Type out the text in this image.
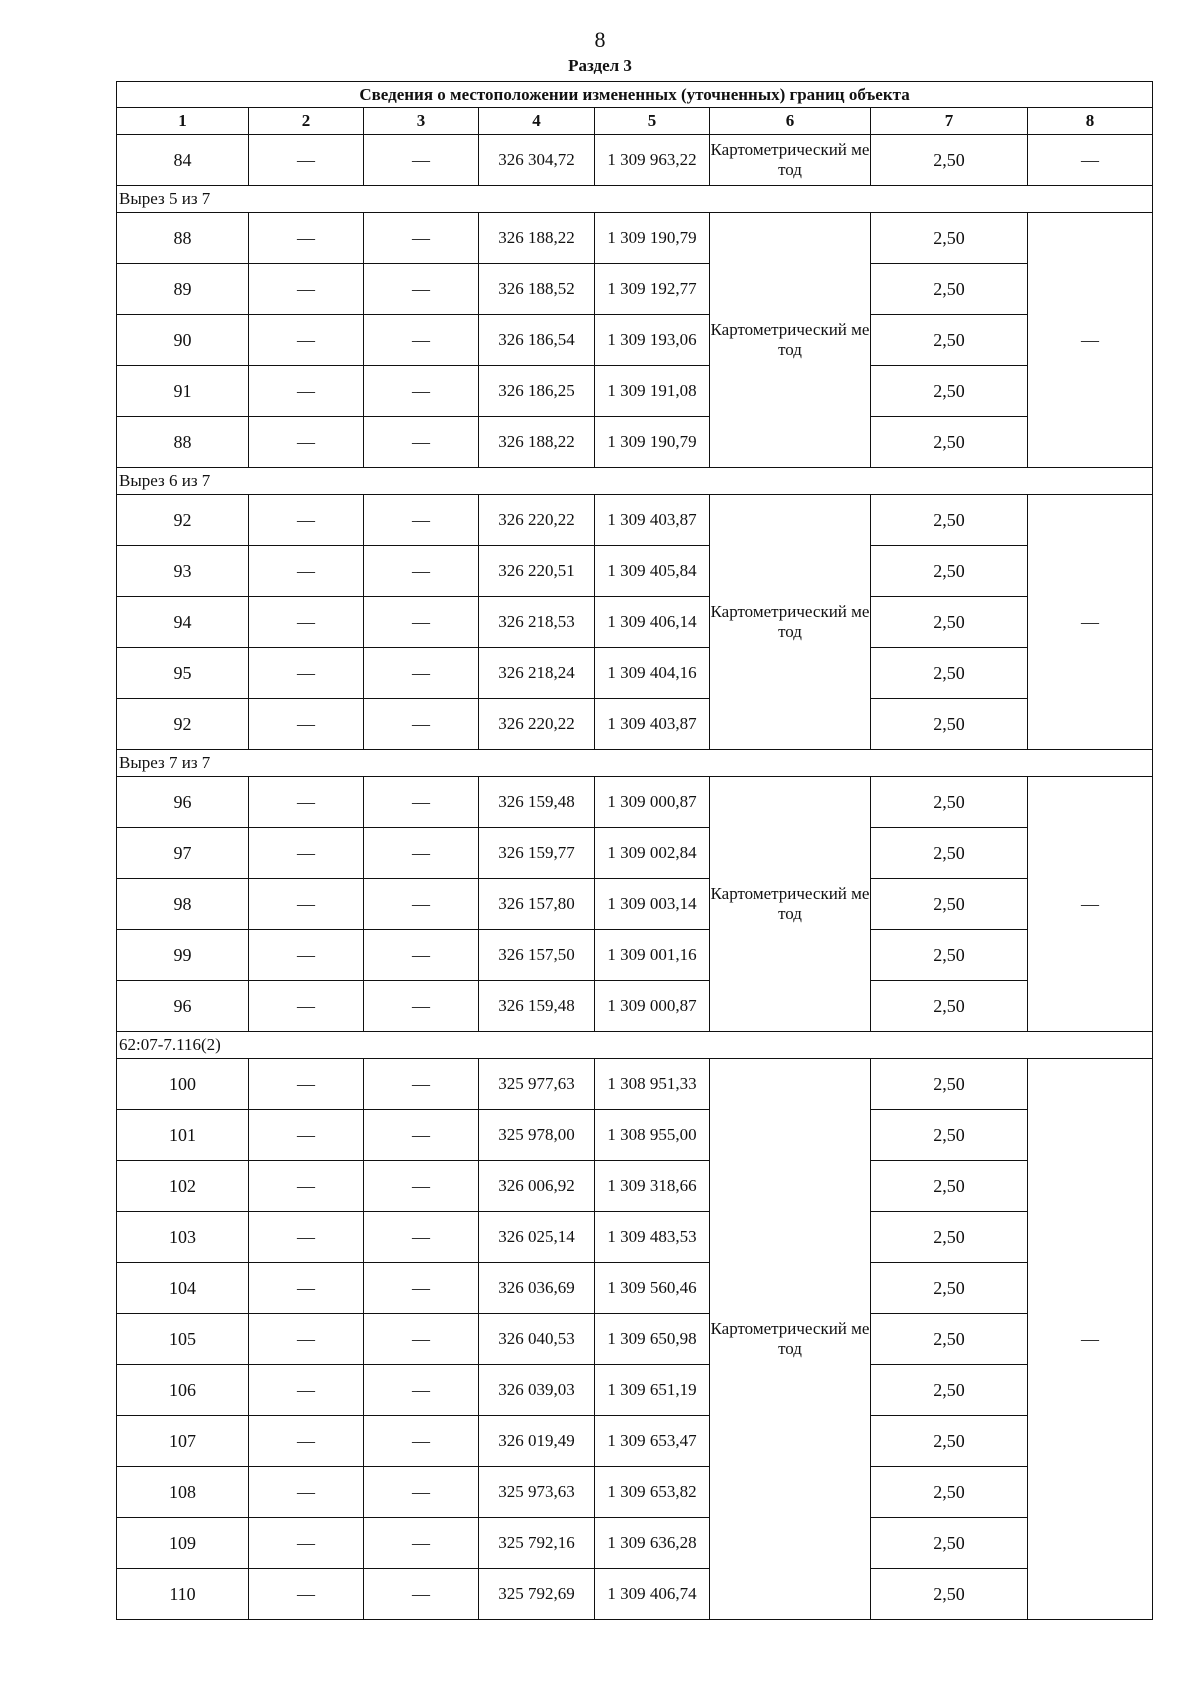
8
Раздел 3
Сведения о местоположении измененных (уточненных) границ объекта							
1	2	3	4	5	6	7	8
84	—	—	326 304,72	1 309 963,22	Картометрический метод	2,50	—
Вырез 5 из 7							
88	—	—	326 188,22	1 309 190,79	Картометрический метод	2,50	—
89	—	—	326 188,52	1 309 192,77		2,50	
90	—	—	326 186,54	1 309 193,06		2,50	
91	—	—	326 186,25	1 309 191,08		2,50	
88	—	—	326 188,22	1 309 190,79		2,50	
Вырез 6 из 7							
92	—	—	326 220,22	1 309 403,87	Картометрический метод	2,50	—
93	—	—	326 220,51	1 309 405,84		2,50	
94	—	—	326 218,53	1 309 406,14		2,50	
95	—	—	326 218,24	1 309 404,16		2,50	
92	—	—	326 220,22	1 309 403,87		2,50	
Вырез 7 из 7							
96	—	—	326 159,48	1 309 000,87	Картометрический метод	2,50	—
97	—	—	326 159,77	1 309 002,84		2,50	
98	—	—	326 157,80	1 309 003,14		2,50	
99	—	—	326 157,50	1 309 001,16		2,50	
96	—	—	326 159,48	1 309 000,87		2,50	
62:07-7.116(2)							
100	—	—	325 977,63	1 308 951,33	Картометрический метод	2,50	—
101	—	—	325 978,00	1 308 955,00		2,50	
102	—	—	326 006,92	1 309 318,66		2,50	
103	—	—	326 025,14	1 309 483,53		2,50	
104	—	—	326 036,69	1 309 560,46		2,50	
105	—	—	326 040,53	1 309 650,98		2,50	
106	—	—	326 039,03	1 309 651,19		2,50	
107	—	—	326 019,49	1 309 653,47		2,50	
108	—	—	325 973,63	1 309 653,82		2,50	
109	—	—	325 792,16	1 309 636,28		2,50	
110	—	—	325 792,69	1 309 406,74		2,50	
